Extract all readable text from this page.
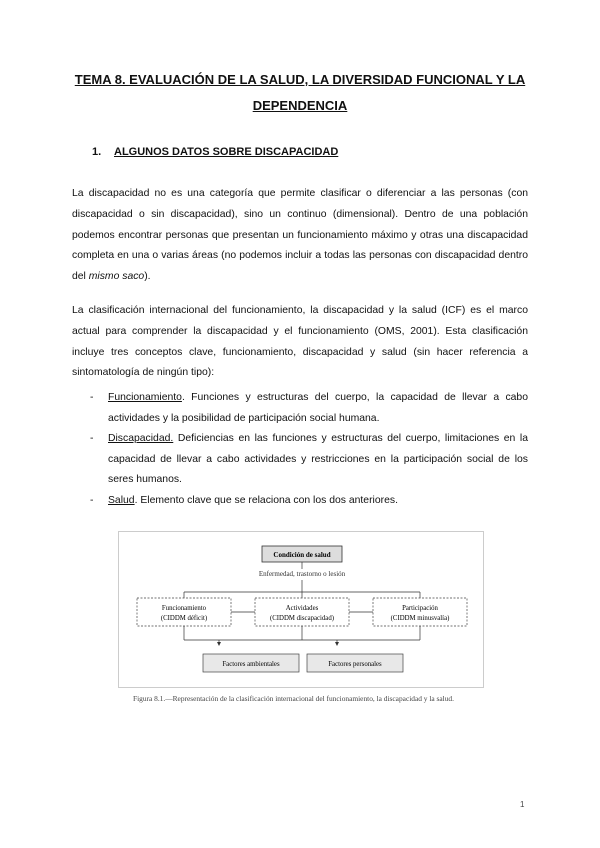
TEMA 8. EVALUACIÓN DE LA SALUD, LA DIVERSIDAD FUNCIONAL Y LA
DEPENDENCIA
1. ALGUNOS DATOS SOBRE DISCAPACIDAD
La discapacidad no es una categoría que permite clasificar o diferenciar a las personas (con discapacidad o sin discapacidad), sino un continuo (dimensional). Dentro de una población podemos encontrar personas que presentan un funcionamiento máximo y otras una discapacidad completa en una o varias áreas (no podemos incluir a todas las personas con discapacidad dentro del mismo saco).
La clasificación internacional del funcionamiento, la discapacidad y la salud (ICF) es el marco actual para comprender la discapacidad y el funcionamiento (OMS, 2001). Esta clasificación incluye tres conceptos clave, funcionamiento, discapacidad y salud (sin hacer referencia a sintomatología de ningún tipo):
- Funcionamiento. Funciones y estructuras del cuerpo, la capacidad de llevar a cabo actividades y la posibilidad de participación social humana.
- Discapacidad. Deficiencias en las funciones y estructuras del cuerpo, limitaciones en la capacidad de llevar a cabo actividades y restricciones en la participación social de los seres humanos.
- Salud. Elemento clave que se relaciona con los dos anteriores.
Condición de salud
Enfermedad, trastorno o lesión
Funcionamiento
(CIDDM déficit)
Actividades
(CIDDM discapacidad)
Participación
(CIDDM minusvalía)
Factores ambientales	Factores personales
Figura 8.1.—Representación de la clasificación internacional del funcionamiento, la discapacidad y la salud.
1
